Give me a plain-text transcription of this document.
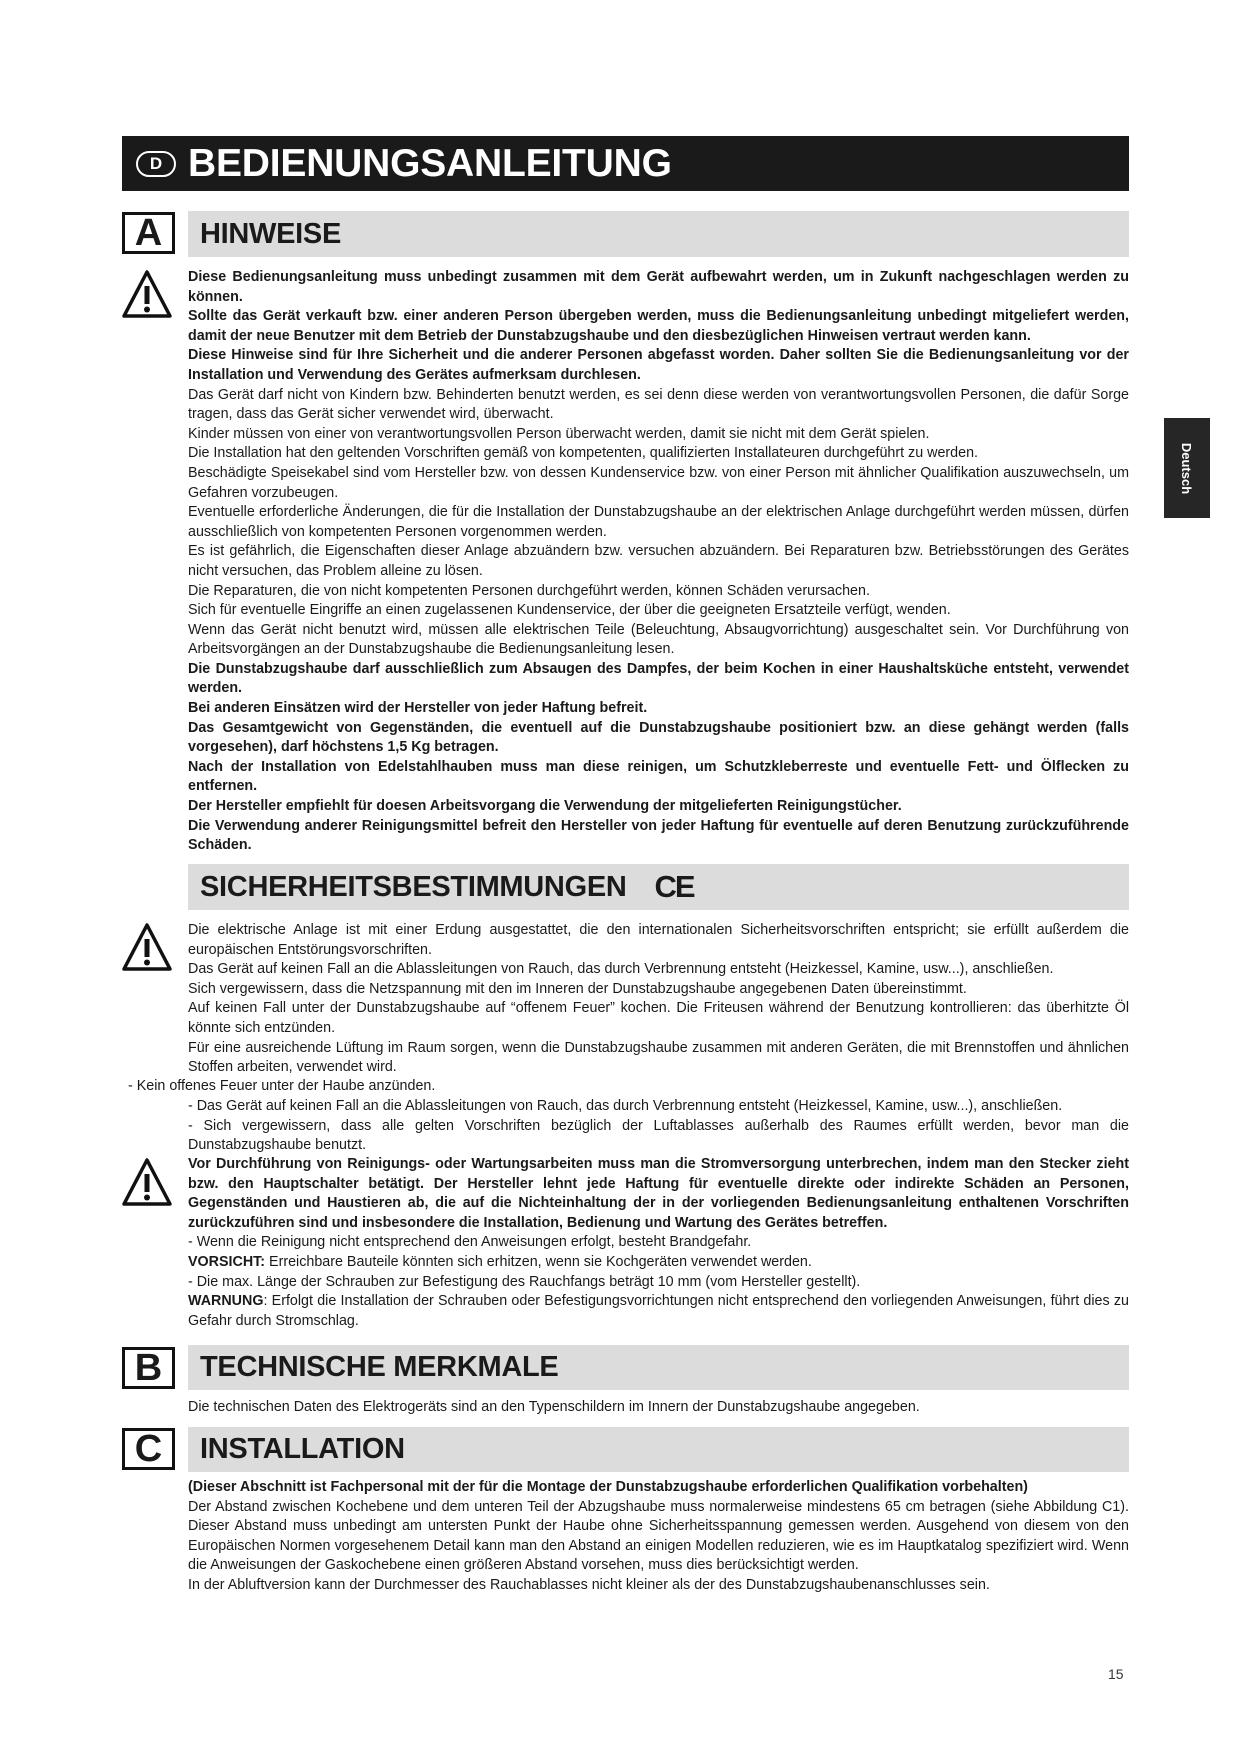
D BEDIENUNGSANLEITUNG
Deutsch
A	HINWEISE

Diese Bedienungsanleitung muss unbedingt zusammen mit dem Gerät aufbewahrt werden, um in Zukunft nachgeschlagen werden zu können.

Sollte das Gerät verkauft bzw. einer anderen Person übergeben werden, muss die Bedienungsanleitung unbedingt mitgeliefert werden, damit der neue Benutzer mit dem Betrieb der Dunstabzugshaube und den diesbezüglichen Hinweisen vertraut werden kann.

Diese Hinweise sind für Ihre Sicherheit und die anderer Personen abgefasst worden. Daher sollten Sie die Bedienungsanleitung vor der Installation und Verwendung des Gerätes aufmerksam durchlesen.

Das Gerät darf nicht von Kindern bzw. Behinderten benutzt werden, es sei denn diese werden von verantwortungsvollen Personen, die dafür Sorge tragen, dass das Gerät sicher verwendet wird, überwacht.

Kinder müssen von einer von verantwortungsvollen Person überwacht werden, damit sie nicht mit dem Gerät spielen.

Die Installation hat den geltenden Vorschriften gemäß von kompetenten, qualifizierten Installateuren durchgeführt zu werden.

Beschädigte Speisekabel sind vom Hersteller bzw. von dessen Kundenservice bzw. von einer Person mit ähnlicher Qualifikation auszuwechseln, um Gefahren vorzubeugen.

Eventuelle erforderliche Änderungen, die für die Installation der Dunstabzugshaube an der elektrischen Anlage durchgeführt werden müssen, dürfen ausschließlich von kompetenten Personen vorgenommen werden.

Es ist gefährlich, die Eigenschaften dieser Anlage abzuändern bzw. versuchen abzuändern. Bei Reparaturen bzw. Betriebsstörungen des Gerätes nicht versuchen, das Problem alleine zu lösen.

Die Reparaturen, die von nicht kompetenten Personen durchgeführt werden, können Schäden verursachen.

Sich für eventuelle Eingriffe an einen zugelassenen Kundenservice, der über die geeigneten Ersatzteile verfügt, wenden.

Wenn das Gerät nicht benutzt wird, müssen alle elektrischen Teile (Beleuchtung, Absaugvorrichtung) ausgeschaltet sein. Vor Durchführung von Arbeitsvorgängen an der Dunstabzugshaube die Bedienungsanleitung lesen.

Die Dunstabzugshaube darf ausschließlich zum Absaugen des Dampfes, der beim Kochen in einer Haushaltsküche entsteht, verwendet werden.

Bei anderen Einsätzen wird der Hersteller von jeder Haftung befreit.

Das Gesamtgewicht von Gegenständen, die eventuell auf die Dunstabzugshaube positioniert bzw. an diese gehängt werden (falls vorgesehen), darf höchstens 1,5 Kg betragen.

Nach der Installation von Edelstahlhauben muss man diese reinigen, um Schutzkleberreste und eventuelle Fett- und Ölflecken zu entfernen.

Der Hersteller empfiehlt für doesen Arbeitsvorgang die Verwendung der mitgelieferten Reinigungstücher.

Die Verwendung anderer Reinigungsmittel befreit den Hersteller von jeder Haftung für eventuelle auf deren Benutzung zurückzuführende Schäden.

SICHERHEITSBESTIMMUNGEN CE

Die elektrische Anlage ist mit einer Erdung ausgestattet, die den internationalen Sicherheitsvorschriften entspricht; sie erfüllt außerdem die europäischen Entstörungsvorschriften.

Das Gerät auf keinen Fall an die Ablassleitungen von Rauch, das durch Verbrennung entsteht (Heizkessel, Kamine, usw...), anschließen.

Sich vergewissern, dass die Netzspannung mit den im Inneren der Dunstabzugshaube angegebenen Daten übereinstimmt.

Auf keinen Fall unter der Dunstabzugshaube auf “offenem Feuer” kochen. Die Friteusen während der Benutzung kontrollieren: das überhitzte Öl könnte sich entzünden.

Für eine ausreichende Lüftung im Raum sorgen, wenn die Dunstabzugshaube zusammen mit anderen Geräten, die mit Brennstoffen und ähnlichen Stoffen arbeiten, verwendet wird.

- Kein offenes Feuer unter der Haube anzünden.

- Das Gerät auf keinen Fall an die Ablassleitungen von Rauch, das durch Verbrennung entsteht (Heizkessel, Kamine, usw...), anschließen.

- Sich vergewissern, dass alle gelten Vorschriften bezüglich der Luftablasses außerhalb des Raumes erfüllt werden, bevor man die Dunstabzugshaube benutzt.

Vor Durchführung von Reinigungs- oder Wartungsarbeiten muss man die Stromversorgung unterbrechen, indem man den Stecker zieht bzw. den Hauptschalter betätigt. Der Hersteller lehnt jede Haftung für eventuelle direkte oder indirekte Schäden an Personen, Gegenständen und Haustieren ab, die auf die Nichteinhaltung der in der vorliegenden Bedienungsanleitung enthaltenen Vorschriften zurückzuführen sind und insbesondere die Installation, Bedienung und Wartung des Gerätes betreffen.

- Wenn die Reinigung nicht entsprechend den Anweisungen erfolgt, besteht Brandgefahr.

VORSICHT: Erreichbare Bauteile könnten sich erhitzen, wenn sie Kochgeräten verwendet werden.

- Die max. Länge der Schrauben zur Befestigung des Rauchfangs beträgt 10 mm (vom Hersteller gestellt).

WARNUNG: Erfolgt die Installation der Schrauben oder Befestigungsvorrichtungen nicht entsprechend den vorliegenden Anweisungen, führt dies zu Gefahr durch Stromschlag.

B	TECHNISCHE MERKMALE

Die technischen Daten des Elektrogeräts sind an den Typenschildern im Innern der Dunstabzugshaube angegeben.

C	INSTALLATION

(Dieser Abschnitt ist Fachpersonal mit der für die Montage der Dunstabzugshaube erforderlichen Qualifikation vorbehalten)

Der Abstand zwischen Kochebene und dem unteren Teil der Abzugshaube muss normalerweise mindestens 65 cm betragen (siehe Abbildung C1). Dieser Abstand muss unbedingt am untersten Punkt der Haube ohne Sicherheitsspannung gemessen werden. Ausgehend von diesem von den Europäischen Normen vorgesehenem Detail kann man den Abstand an einigen Modellen reduzieren, wie es im Hauptkatalog spezifiziert wird. Wenn die Anweisungen der Gaskochebene einen größeren Abstand vorsehen, muss dies berücksichtigt werden.

In der Abluftversion kann der Durchmesser des Rauchablasses nicht kleiner als der des Dunstabzugshaubenanschlusses sein.

15
